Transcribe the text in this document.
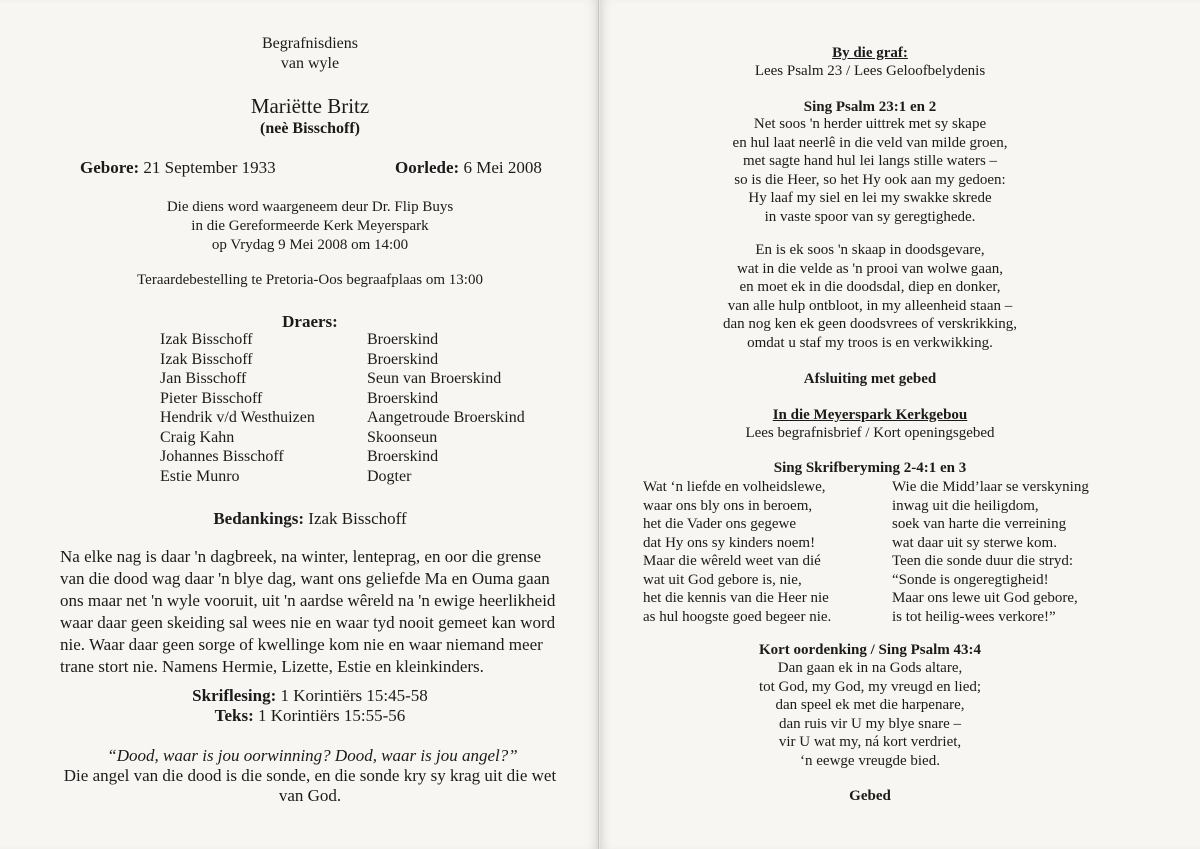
Begrafnisdiens
van wyle
Mariëtte Britz
(neè Bisschoff)
Gebore: 21 September 1933	Oorlede: 6 Mei 2008
Die diens word waargeneem deur Dr. Flip Buys
in die Gereformeerde Kerk Meyerspark
op Vrydag 9 Mei 2008 om 14:00
Teraardebestelling te Pretoria-Oos begraafplaas om 13:00
Draers:
Izak Bisschoff	Broerskind
Izak Bisschoff	Broerskind
Jan Bisschoff	Seun van Broerskind
Pieter Bisschoff	Broerskind
Hendrik v/d Westhuizen	Aangetroude Broerskind
Craig Kahn	Skoonseun
Johannes Bisschoff	Broerskind
Estie Munro	Dogter
Bedankings: Izak Bisschoff
Na elke nag is daar 'n dagbreek, na winter, lenteprag, en oor die grense
van die dood wag daar 'n blye dag, want ons geliefde Ma en Ouma gaan
ons maar net 'n wyle vooruit, uit 'n aardse wêreld na 'n ewige heerlikheid
waar daar geen skeiding sal wees nie en waar tyd nooit gemeet kan word
nie. Waar daar geen sorge of kwellinge kom nie en waar niemand meer
trane stort nie. Namens Hermie, Lizette, Estie en kleinkinders.
Skriflesing: 1 Korintiërs 15:45-58
Teks: 1 Korintiërs 15:55-56
“Dood, waar is jou oorwinning? Dood, waar is jou angel?”
Die angel van die dood is die sonde, en die sonde kry sy krag uit die wet
van God.
By die graf:
Lees Psalm 23 / Lees Geloofbelydenis
Sing Psalm 23:1 en 2
Net soos 'n herder uittrek met sy skape
en hul laat neerlê in die veld van milde groen,
met sagte hand hul lei langs stille waters –
so is die Heer, so het Hy ook aan my gedoen:
Hy laaf my siel en lei my swakke skrede
in vaste spoor van sy geregtighede.
En is ek soos 'n skaap in doodsgevare,
wat in die velde as 'n prooi van wolwe gaan,
en moet ek in die doodsdal, diep en donker,
van alle hulp ontbloot, in my alleenheid staan –
dan nog ken ek geen doodsvrees of verskrikking,
omdat u staf my troos is en verkwikking.
Afsluiting met gebed
In die Meyerspark Kerkgebou
Lees begrafnisbrief / Kort openingsgebed
Sing Skrifberyming 2-4:1 en 3
Wat ‘n liefde en volheidslewe,
waar ons bly ons in beroem,
het die Vader ons gegewe
dat Hy ons sy kinders noem!
Maar die wêreld weet van dié
wat uit God gebore is, nie,
het die kennis van die Heer nie
as hul hoogste goed begeer nie.
Wie die Midd’laar se verskyning
inwag uit die heiligdom,
soek van harte die verreining
wat daar uit sy sterwe kom.
Teen die sonde duur die stryd:
“Sonde is ongeregtigheid!
Maar ons lewe uit God gebore,
is tot heilig-wees verkore!”
Kort oordenking / Sing Psalm 43:4
Dan gaan ek in na Gods altare,
tot God, my God, my vreugd en lied;
dan speel ek met die harpenare,
dan ruis vir U my blye snare –
vir U wat my, ná kort verdriet,
‘n eewge vreugde bied.
Gebed
